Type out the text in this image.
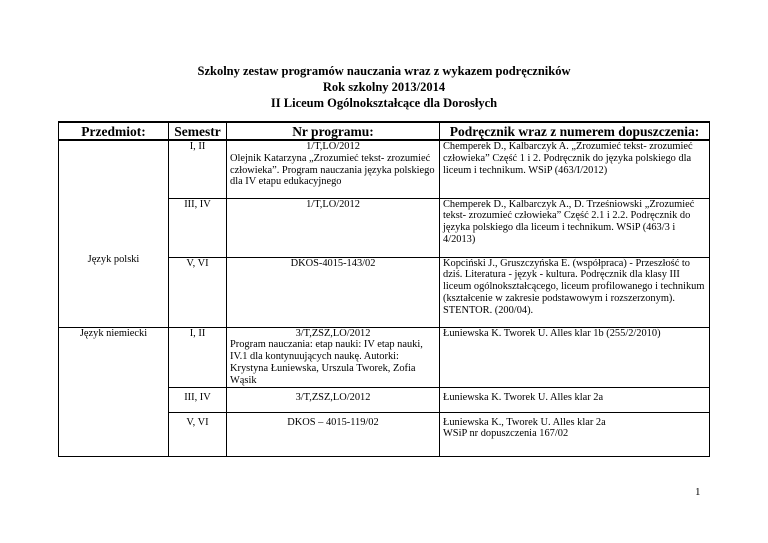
Szkolny zestaw programów nauczania wraz z wykazem podręczników
Rok szkolny 2013/2014
II Liceum Ogólnokształcące dla Dorosłych
Przedmiot:	Semestr	Nr programu:	Podręcznik wraz z numerem dopuszczenia:
Język polski	I, II	1/T,LO/2012
Olejnik Katarzyna „Zrozumieć tekst- zrozumieć człowieka”. Program nauczania języka polskiego dla IV etapu edukacyjnego	Chemperek D., Kalbarczyk A. „Zrozumieć tekst- zrozumieć człowieka” Część 1 i 2. Podręcznik do języka polskiego dla liceum i technikum. WSiP (463/I/2012)
	III, IV	1/T,LO/2012	Chemperek D., Kalbarczyk A., D. Trześniowski „Zrozumieć tekst- zrozumieć człowieka” Część 2.1 i 2.2. Podręcznik do języka polskiego dla liceum i technikum. WSiP (463/3 i 4/2013)
	V, VI	DKOS-4015-143/02	Kopciński J., Gruszczyńska E. (współpraca) - Przeszłość to dziś. Literatura - język - kultura. Podręcznik dla klasy III liceum ogólnokształcącego, liceum profilowanego i technikum (kształcenie w zakresie podstawowym i rozszerzonym). STENTOR. (200/04).
Język niemiecki	I, II	3/T,ZSZ,LO/2012
Program nauczania: etap nauki: IV etap nauki, IV.1 dla kontynuujących naukę. Autorki: Krystyna Łuniewska, Urszula Tworek, Zofia Wąsik	Łuniewska K. Tworek U. Alles klar 1b (255/2/2010)
	III, IV	3/T,ZSZ,LO/2012	Łuniewska K. Tworek U. Alles klar 2a
	V, VI	DKOS – 4015-119/02	Łuniewska K., Tworek U. Alles klar 2a
WSiP nr dopuszczenia 167/02
1
